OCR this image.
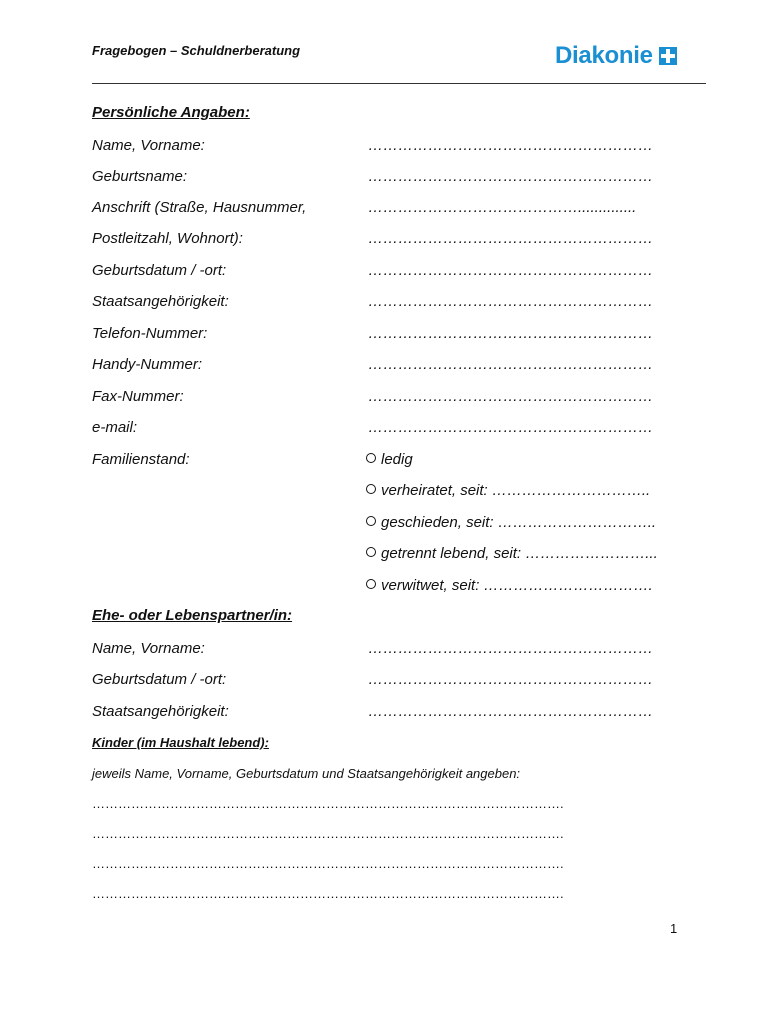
Fragebogen – Schuldnerberatung	Diakonie
Persönliche Angaben:
Name, Vorname:	…………………………………………………
Geburtsname:	…………………………………………………
Anschrift (Straße, Hausnummer,	……………………………………..............
Postleitzahl, Wohnort):	…………………………………………………
Geburtsdatum / -ort:	…………………………………………………
Staatsangehörigkeit:	…………………………………………………
Telefon-Nummer:	…………………………………………………
Handy-Nummer:	…………………………………………………
Fax-Nummer:	…………………………………………………
e-mail:	…………………………………………………
Familienstand:	ledig
verheiratet, seit: …………………………..
geschieden, seit: …………………………..
getrennt lebend, seit: ……………………...
verwitwet, seit: …………………………….
Ehe- oder Lebenspartner/in:
Name, Vorname:	…………………………………………………
Geburtsdatum / -ort:	…………………………………………………
Staatsangehörigkeit:	…………………………………………………
Kinder (im Haushalt lebend):
jeweils Name, Vorname, Geburtsdatum und Staatsangehörigkeit angeben:
……………………………………………………………………………………………….
……………………………………………………………………………………………….
……………………………………………………………………………………………….
……………………………………………………………………………………………….
1
